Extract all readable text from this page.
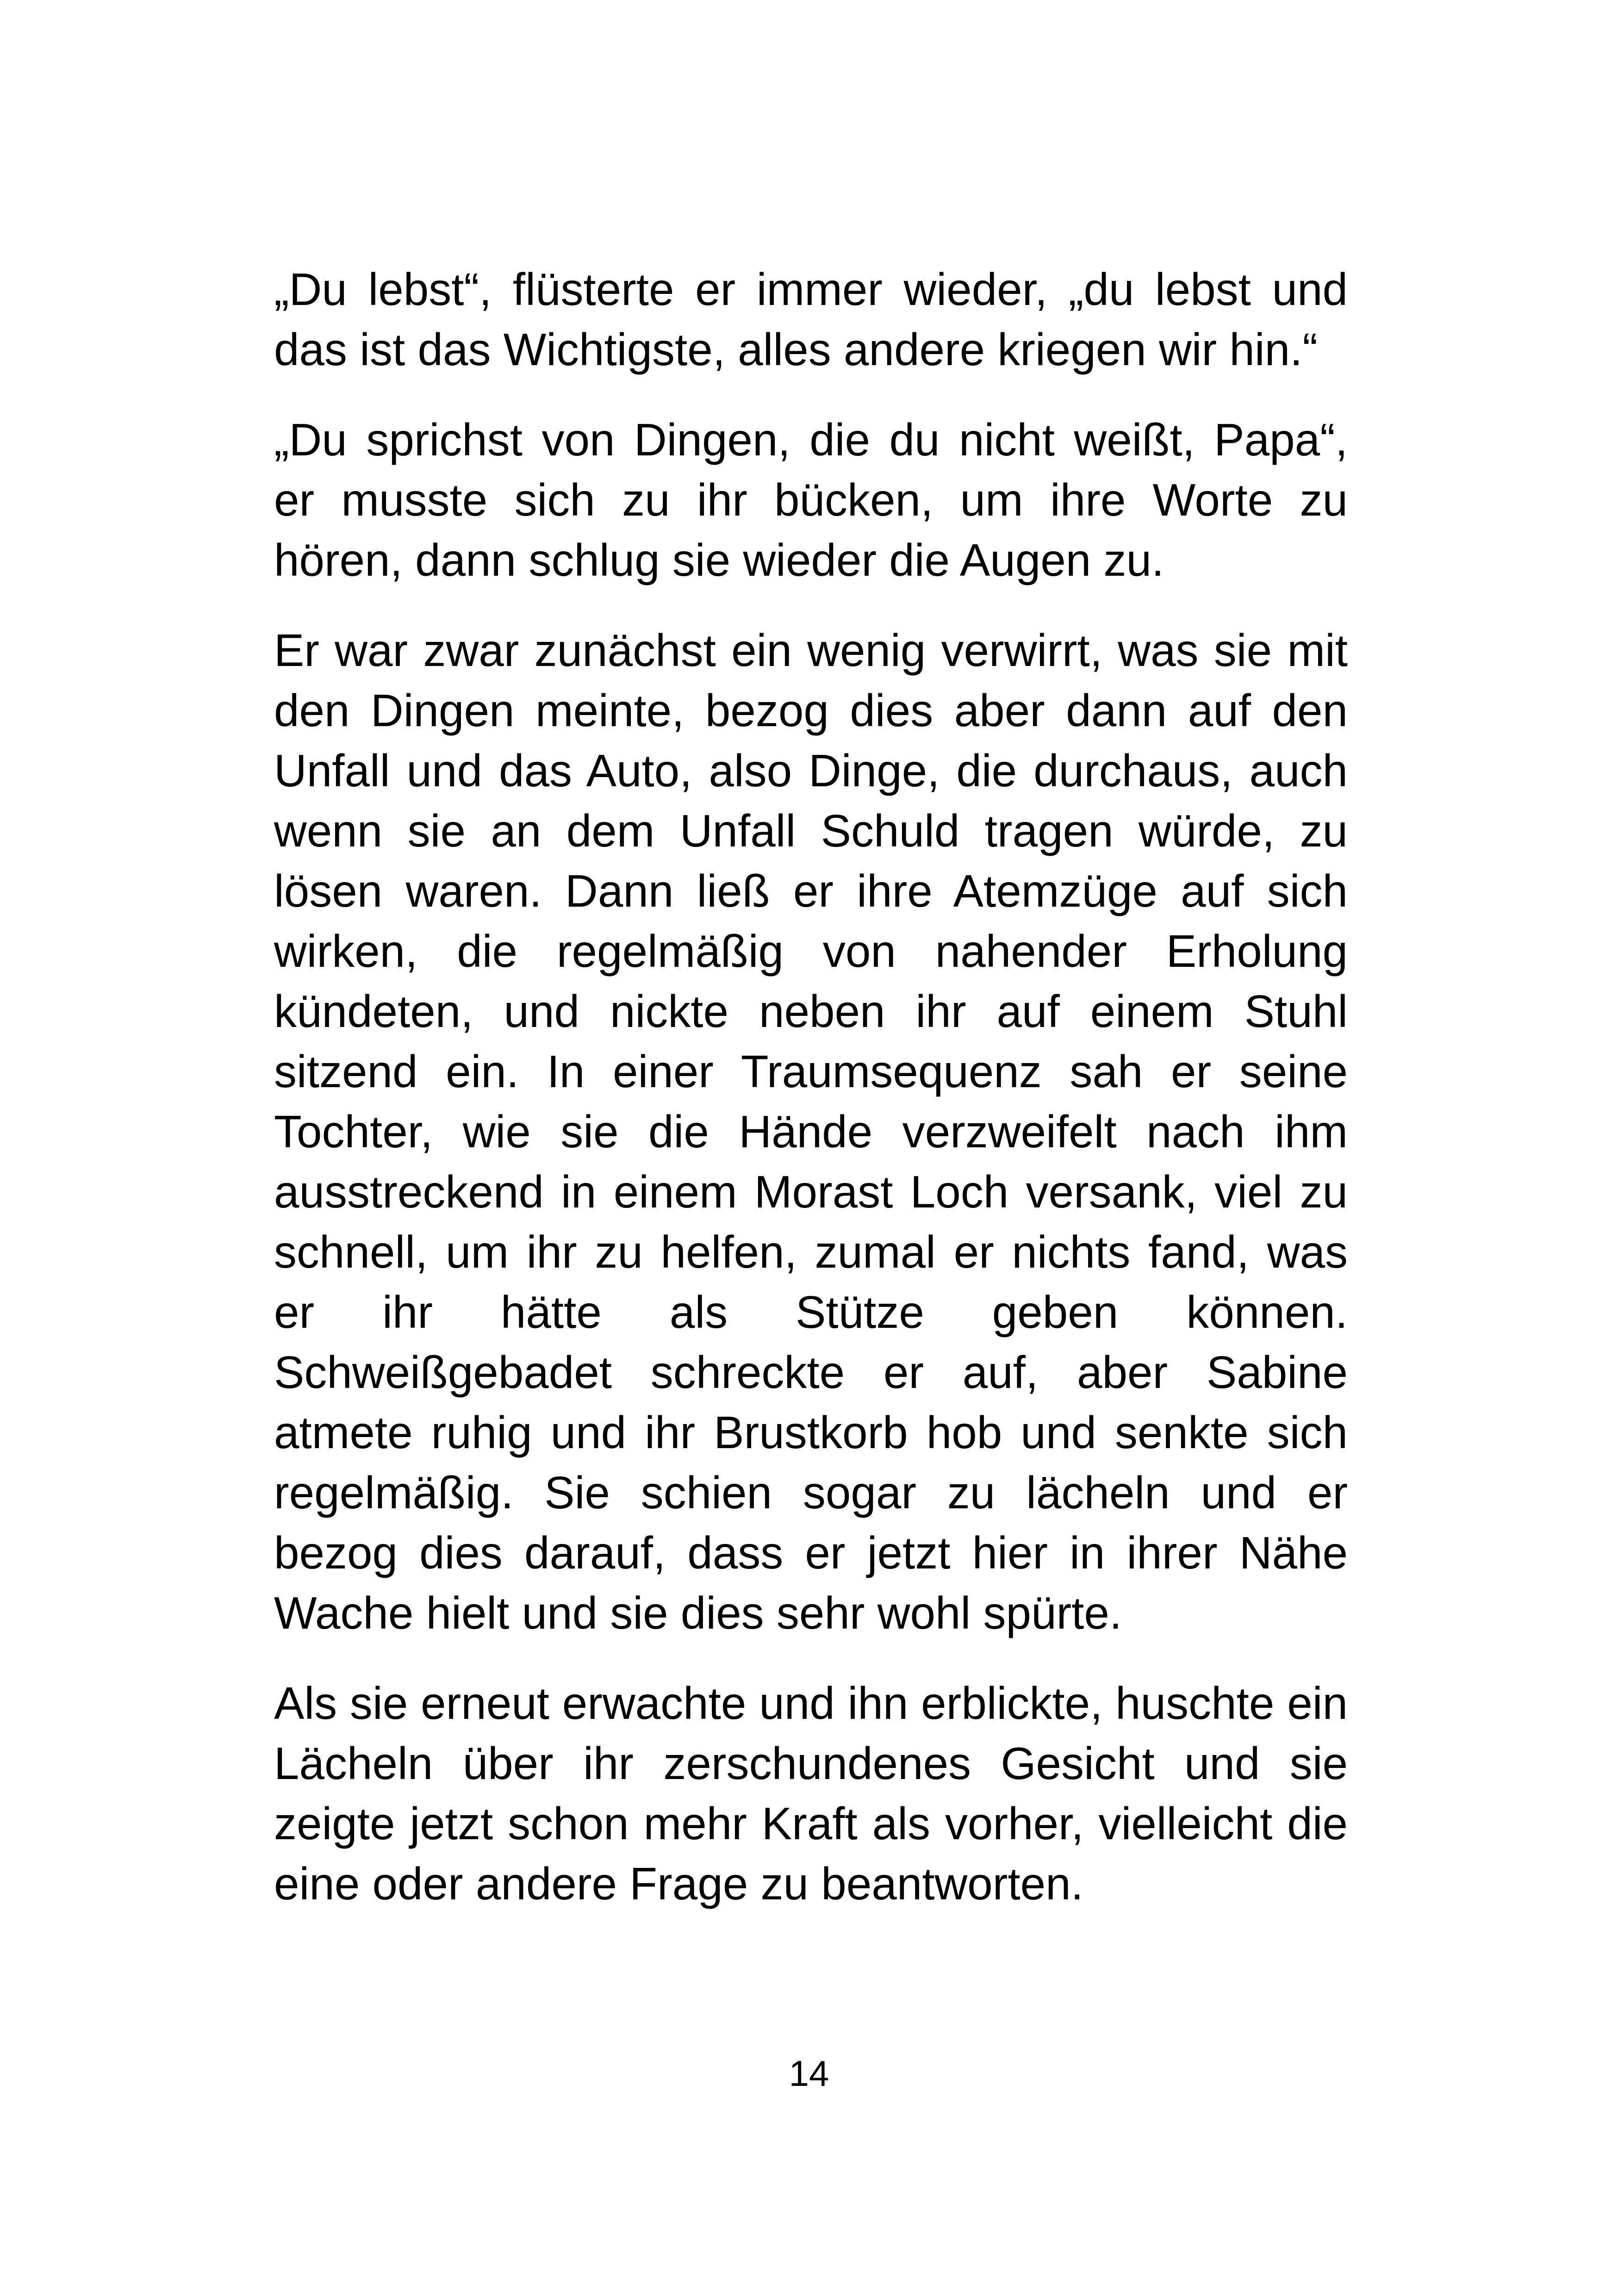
„Du lebst“, flüsterte er immer wieder, „du lebst und das ist das Wichtigste, alles andere kriegen wir hin.“

„Du sprichst von Dingen, die du nicht weißt, Papa“, er musste sich zu ihr bücken, um ihre Worte zu hören, dann schlug sie wieder die Augen zu.

Er war zwar zunächst ein wenig verwirrt, was sie mit den Dingen meinte, bezog dies aber dann auf den Unfall und das Auto, also Dinge, die durchaus, auch wenn sie an dem Unfall Schuld tragen würde, zu lösen waren. Dann ließ er ihre Atemzüge auf sich wirken, die regelmäßig von nahender Erholung kündeten, und nickte neben ihr auf einem Stuhl sitzend ein. In einer Traumsequenz sah er seine Tochter, wie sie die Hände verzweifelt nach ihm ausstreckend in einem Morast Loch versank, viel zu schnell, um ihr zu helfen, zumal er nichts fand, was er ihr hätte als Stütze geben können. Schweißgebadet schreckte er auf, aber Sabine atmete ruhig und ihr Brustkorb hob und senkte sich regelmäßig. Sie schien sogar zu lächeln und er bezog dies darauf, dass er jetzt hier in ihrer Nähe Wache hielt und sie dies sehr wohl spürte.

Als sie erneut erwachte und ihn erblickte, huschte ein Lächeln über ihr zerschundenes Gesicht und sie zeigte jetzt schon mehr Kraft als vorher, vielleicht die eine oder andere Frage zu beantworten.

14
